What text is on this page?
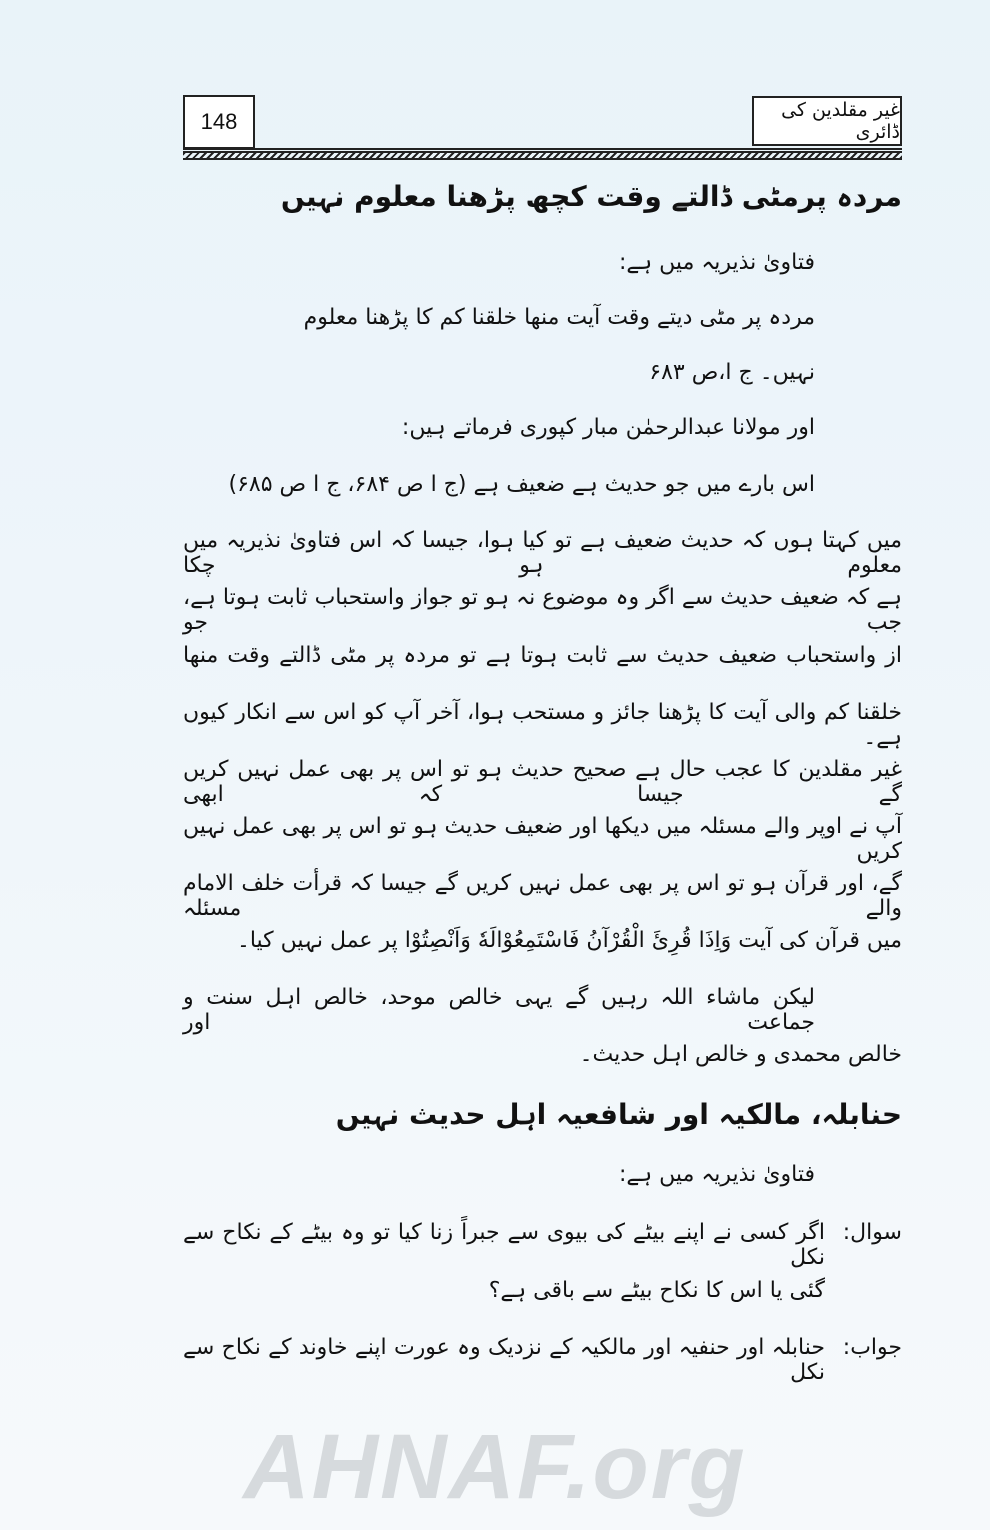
148	غیر مقلدین کی ڈائری
مردہ پرمٹی ڈالتے وقت کچھ پڑھنا معلوم نہیں
فتاویٰ نذیریہ میں ہے:
مردہ پر مٹی دیتے وقت آیت منھا خلقنا کم کا پڑھنا معلوم
نہیں۔ ج ا،ص ۶۸۳
اور مولانا عبدالرحمٰن مبار کپوری فرماتے ہیں:
اس بارے میں جو حدیث ہے ضعیف ہے (ج ا ص ۶۸۴، ج ا ص ۶۸۵)
میں کہتا ہوں کہ حدیث ضعیف ہے تو کیا ہوا، جیسا کہ اس فتاویٰ نذیریہ میں معلوم ہو چکا
ہے کہ ضعیف حدیث سے اگر وہ موضوع نہ ہو تو جواز واستحباب ثابت ہوتا ہے، جب جو
از واستحباب ضعیف حدیث سے ثابت ہوتا ہے تو مردہ پر مٹی ڈالتے وقت منھا
خلقنا کم والی آیت کا پڑھنا جائز و مستحب ہوا، آخر آپ کو اس سے انکار کیوں ہے۔
غیر مقلدین کا عجب حال ہے صحیح حدیث ہو تو اس پر بھی عمل نہیں کریں گے جیسا کہ ابھی
آپ نے اوپر والے مسئلہ میں دیکھا اور ضعیف حدیث ہو تو اس پر بھی عمل نہیں کریں
گے، اور قرآن ہو تو اس پر بھی عمل نہیں کریں گے جیسا کہ قرأت خلف الامام والے مسئلہ
میں قرآن کی آیت وَاِذَا قُرِئَ الْقُرْآنُ فَاسْتَمِعُوْالَهٗ وَاَنْصِتُوْا پر عمل نہیں کیا۔
لیکن ماشاء اللہ رہیں گے یہی خالص موحد، خالص اہل سنت و جماعت اور
خالص محمدی و خالص اہل حدیث۔
حنابلہ، مالکیہ اور شافعیہ اہل حدیث نہیں
فتاویٰ نذیریہ میں ہے:
سوال:
اگر کسی نے اپنے بیٹے کی بیوی سے جبراً زنا کیا تو وہ بیٹے کے نکاح سے نکل
گئی یا اس کا نکاح بیٹے سے باقی ہے؟
جواب:
حنابلہ اور حنفیہ اور مالکیہ کے نزدیک وہ عورت اپنے خاوند کے نکاح سے نکل
AHNAF.org
